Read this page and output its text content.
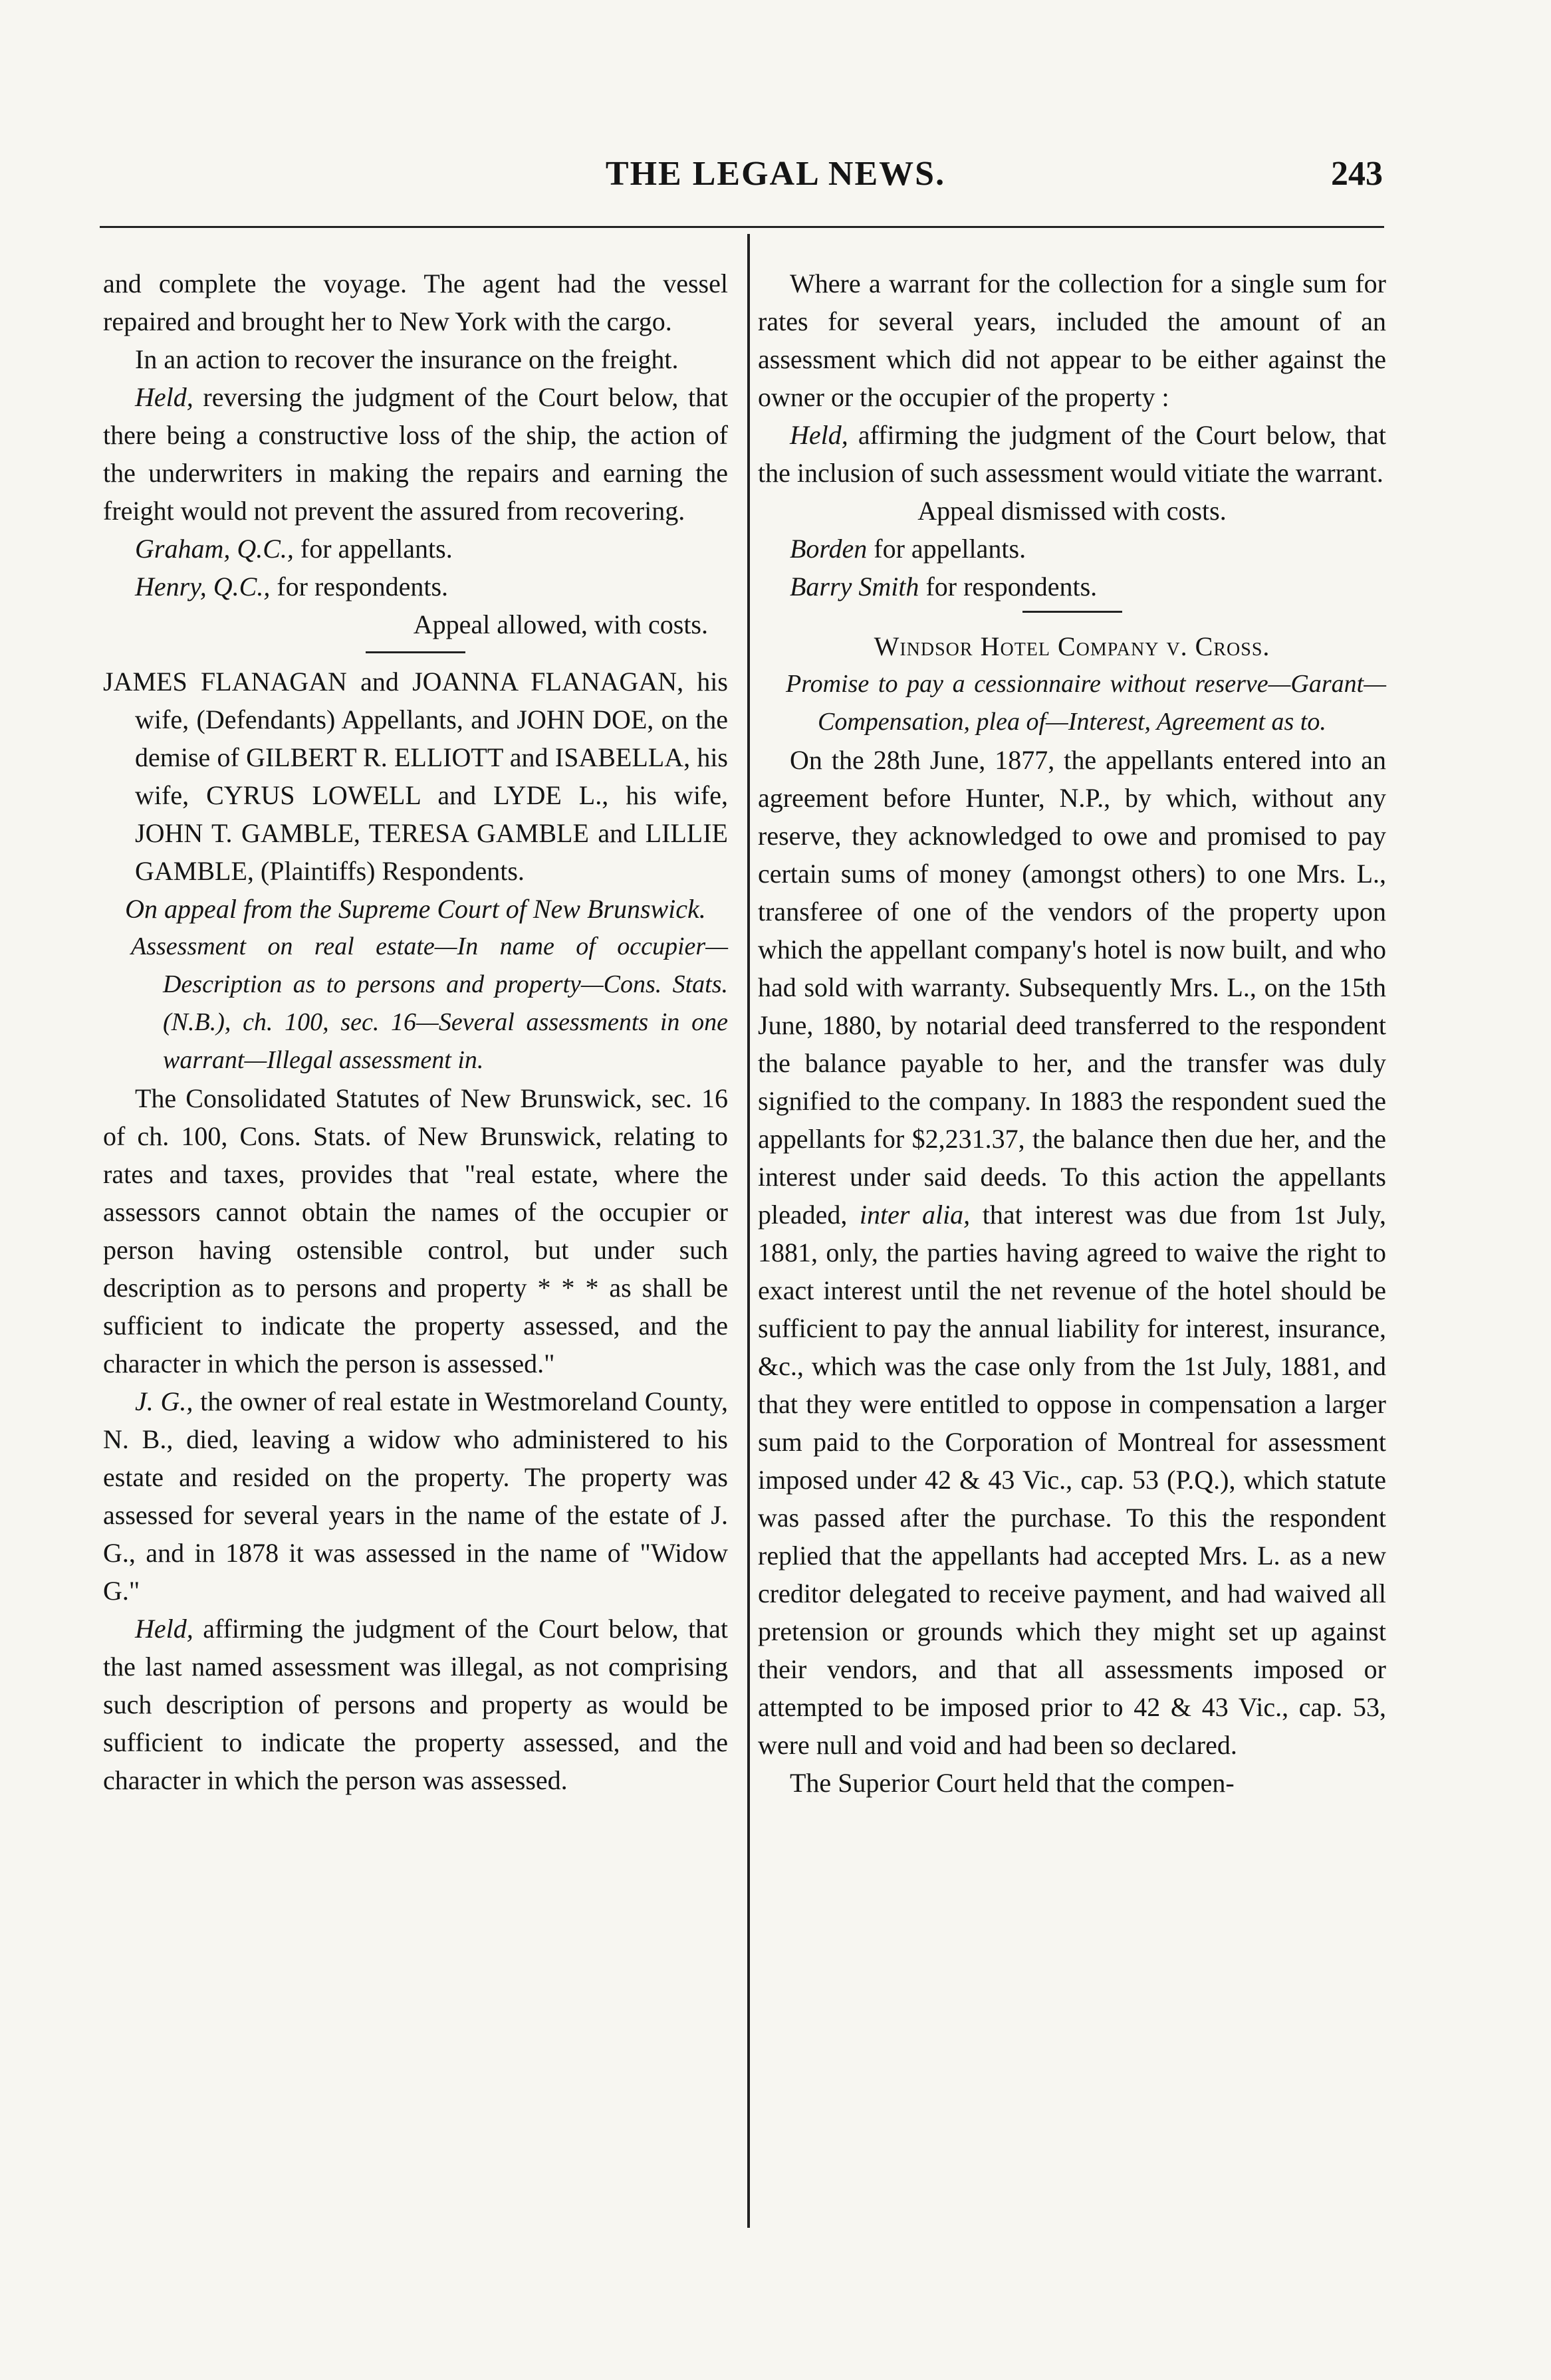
THE LEGAL NEWS.	243

and complete the voyage. The agent had the vessel repaired and brought her to New York with the cargo.

In an action to recover the insurance on the freight.

Held, reversing the judgment of the Court below, that there being a constructive loss of the ship, the action of the underwriters in making the repairs and earning the freight would not prevent the assured from recovering.

Graham, Q.C., for appellants.

Henry, Q.C., for respondents.

Appeal allowed, with costs.

JAMES FLANAGAN and JOANNA FLANAGAN, his wife, (Defendants) Appellants, and JOHN DOE, on the demise of GILBERT R. ELLIOTT and ISABELLA, his wife, CYRUS LOWELL and LYDE L., his wife, JOHN T. GAMBLE, TERESA GAMBLE and LILLIE GAMBLE, (Plaintiffs) Respondents.

On appeal from the Supreme Court of New Brunswick.

Assessment on real estate—In name of occupier—Description as to persons and property—Cons. Stats. (N.B.), ch. 100, sec. 16—Several assessments in one warrant—Illegal assessment in.

The Consolidated Statutes of New Brunswick, sec. 16 of ch. 100, Cons. Stats. of New Brunswick, relating to rates and taxes, provides that "real estate, where the assessors cannot obtain the names of the occupier or person having ostensible control, but under such description as to persons and property * * * as shall be sufficient to indicate the property assessed, and the character in which the person is assessed."

J. G., the owner of real estate in Westmoreland County, N. B., died, leaving a widow who administered to his estate and resided on the property. The property was assessed for several years in the name of the estate of J. G., and in 1878 it was assessed in the name of "Widow G."

Held, affirming the judgment of the Court below, that the last named assessment was illegal, as not comprising such description of persons and property as would be sufficient to indicate the property assessed, and the character in which the person was assessed.

Where a warrant for the collection for a single sum for rates for several years, included the amount of an assessment which did not appear to be either against the owner or the occupier of the property :

Held, affirming the judgment of the Court below, that the inclusion of such assessment would vitiate the warrant.

Appeal dismissed with costs.

Borden for appellants.

Barry Smith for respondents.

Windsor Hotel Company v. Cross.

Promise to pay a cessionnaire without reserve—Garant—Compensation, plea of—Interest, Agreement as to.

On the 28th June, 1877, the appellants entered into an agreement before Hunter, N.P., by which, without any reserve, they acknowledged to owe and promised to pay certain sums of money (amongst others) to one Mrs. L., transferee of one of the vendors of the property upon which the appellant company's hotel is now built, and who had sold with warranty. Subsequently Mrs. L., on the 15th June, 1880, by notarial deed transferred to the respondent the balance payable to her, and the transfer was duly signified to the company. In 1883 the respondent sued the appellants for $2,231.37, the balance then due her, and the interest under said deeds. To this action the appellants pleaded, inter alia, that interest was due from 1st July, 1881, only, the parties having agreed to waive the right to exact interest until the net revenue of the hotel should be sufficient to pay the annual liability for interest, insurance, &c., which was the case only from the 1st July, 1881, and that they were entitled to oppose in compensation a larger sum paid to the Corporation of Montreal for assessment imposed under 42 & 43 Vic., cap. 53 (P.Q.), which statute was passed after the purchase. To this the respondent replied that the appellants had accepted Mrs. L. as a new creditor delegated to receive payment, and had waived all pretension or grounds which they might set up against their vendors, and that all assessments imposed or attempted to be imposed prior to 42 & 43 Vic., cap. 53, were null and void and had been so declared.

The Superior Court held that the compen-
